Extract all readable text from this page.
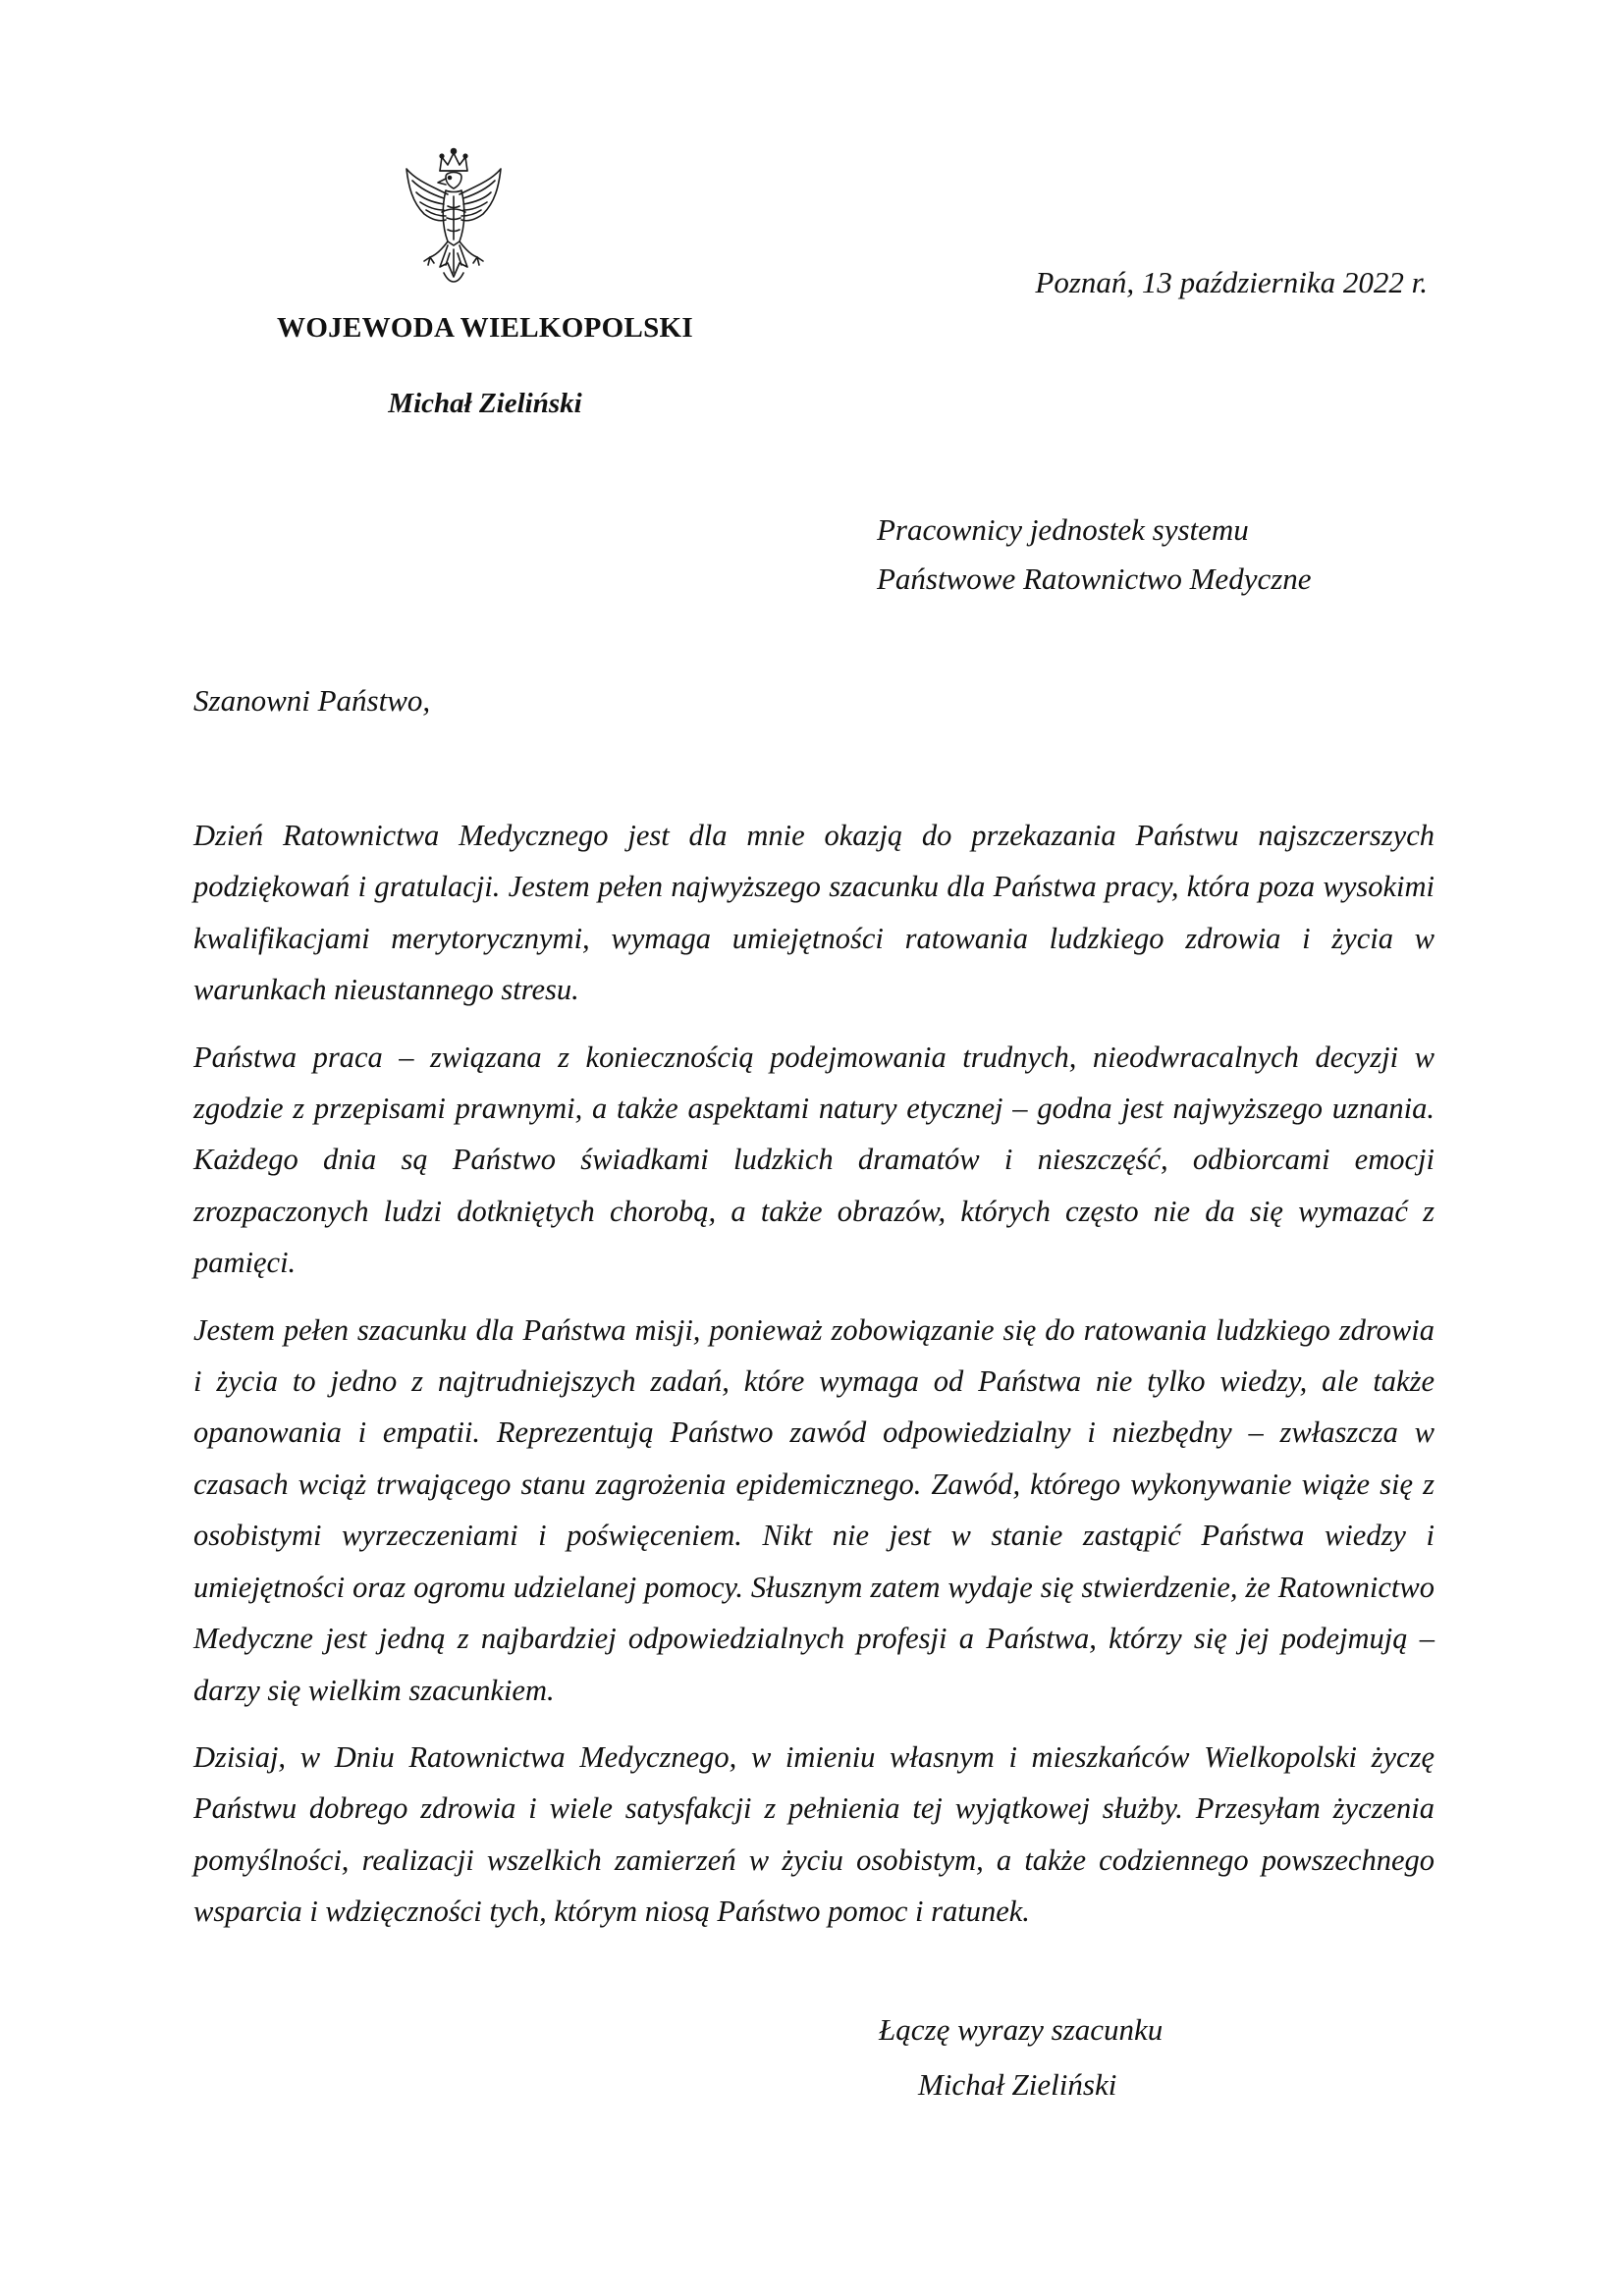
WOJEWODA WIELKOPOLSKI
Michał Zieliński
Poznań, 13 października 2022 r.
Pracownicy jednostek systemu
Państwowe Ratownictwo Medyczne
Szanowni Państwo,

Dzień Ratownictwa Medycznego jest dla mnie okazją do przekazania Państwu najszczerszych podziękowań i gratulacji. Jestem pełen najwyższego szacunku dla Państwa pracy, która poza wysokimi kwalifikacjami merytorycznymi, wymaga umiejętności ratowania ludzkiego zdrowia i życia w warunkach nieustannego stresu.

Państwa praca – związana z koniecznością podejmowania trudnych, nieodwracalnych decyzji w zgodzie z przepisami prawnymi, a także aspektami natury etycznej – godna jest najwyższego uznania. Każdego dnia są Państwo świadkami ludzkich dramatów i nieszczęść, odbiorcami emocji zrozpaczonych ludzi dotkniętych chorobą, a także obrazów, których często nie da się wymazać z pamięci.

Jestem pełen szacunku dla Państwa misji, ponieważ zobowiązanie się do ratowania ludzkiego zdrowia i życia to jedno z najtrudniejszych zadań, które wymaga od Państwa nie tylko wiedzy, ale także opanowania i empatii. Reprezentują Państwo zawód odpowiedzialny i niezbędny – zwłaszcza w czasach wciąż trwającego stanu zagrożenia epidemicznego. Zawód, którego wykonywanie wiąże się z osobistymi wyrzeczeniami i poświęceniem. Nikt nie jest w stanie zastąpić Państwa wiedzy i umiejętności oraz ogromu udzielanej pomocy. Słusznym zatem wydaje się stwierdzenie, że Ratownictwo Medyczne jest jedną z najbardziej odpowiedzialnych profesji a Państwa, którzy się jej podejmują – darzy się wielkim szacunkiem.

Dzisiaj, w Dniu Ratownictwa Medycznego, w imieniu własnym i mieszkańców Wielkopolski życzę Państwu dobrego zdrowia i wiele satysfakcji z pełnienia tej wyjątkowej służby. Przesyłam życzenia pomyślności, realizacji wszelkich zamierzeń w życiu osobistym, a także codziennego powszechnego wsparcia i wdzięczności tych, którym niosą Państwo pomoc i ratunek.

Łączę wyrazy szacunku
Michał Zieliński
